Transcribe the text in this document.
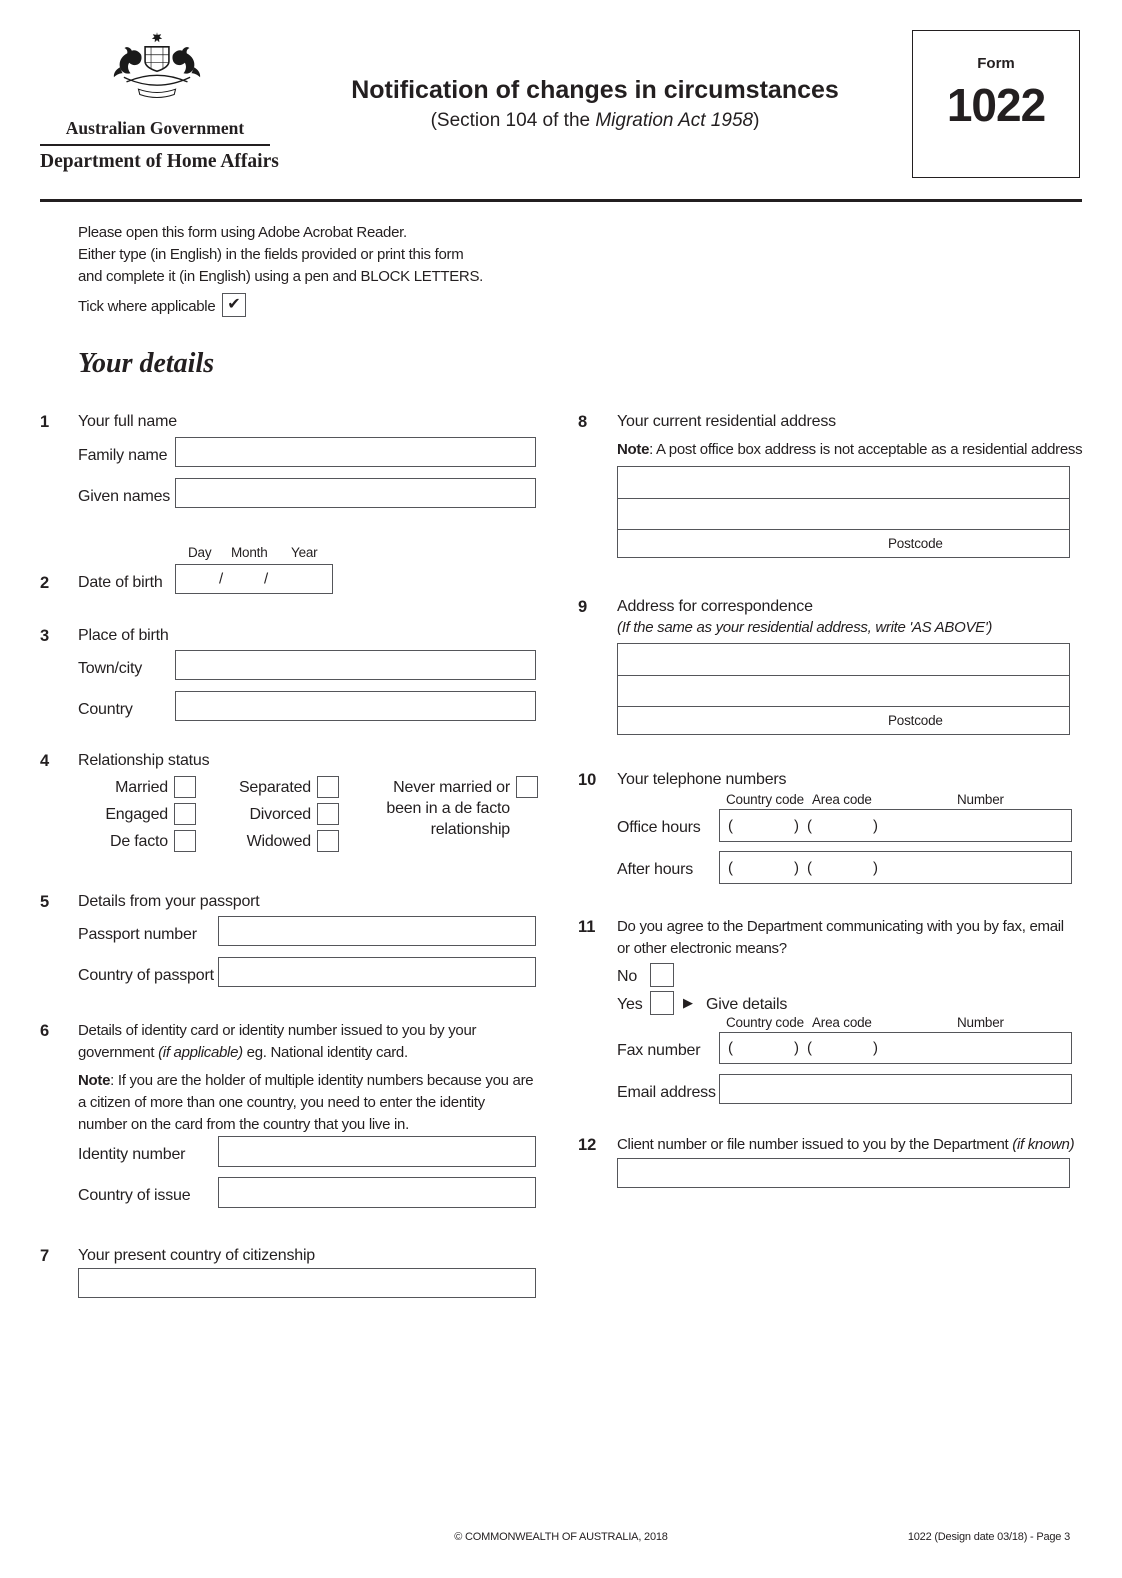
Australian Government
Department of Home Affairs
Notification of changes in circumstances
(Section 104 of the Migration Act 1958)
Form
1022
Please open this form using Adobe Acrobat Reader.
Either type (in English) in the fields provided or print this form
and complete it (in English) using a pen and BLOCK LETTERS.
Tick where applicable ✔
Your details
1 Your full name
Family name
Given names
Day Month Year
2 Date of birth	/	/
3 Place of birth
Town/city
Country
4 Relationship status
Married
Engaged
De facto
Separated
Divorced
Widowed
Never married or
been in a de facto
relationship
5 Details from your passport
Passport number
Country of passport
6 Details of identity card or identity number issued to you by your
government (if applicable) eg. National identity card.
Note: If you are the holder of multiple identity numbers because you are
a citizen of more than one country, you need to enter the identity
number on the card from the country that you live in.
Identity number
Country of issue
7 Your present country of citizenship
8 Your current residential address
Note: A post office box address is not acceptable as a residential address
Postcode
9 Address for correspondence
(If the same as your residential address, write 'AS ABOVE')
Postcode
10 Your telephone numbers
Country code Area code	Number
Office hours (	) (	)
After hours (	) (	)
11 Do you agree to the Department communicating with you by fax, email
or other electronic means?
No
Yes	▶ Give details
Country code Area code	Number
Fax number (	) (	)
Email address
12 Client number or file number issued to you by the Department (if known)
© COMMONWEALTH OF AUSTRALIA, 2018	1022 (Design date 03/18) - Page 3
